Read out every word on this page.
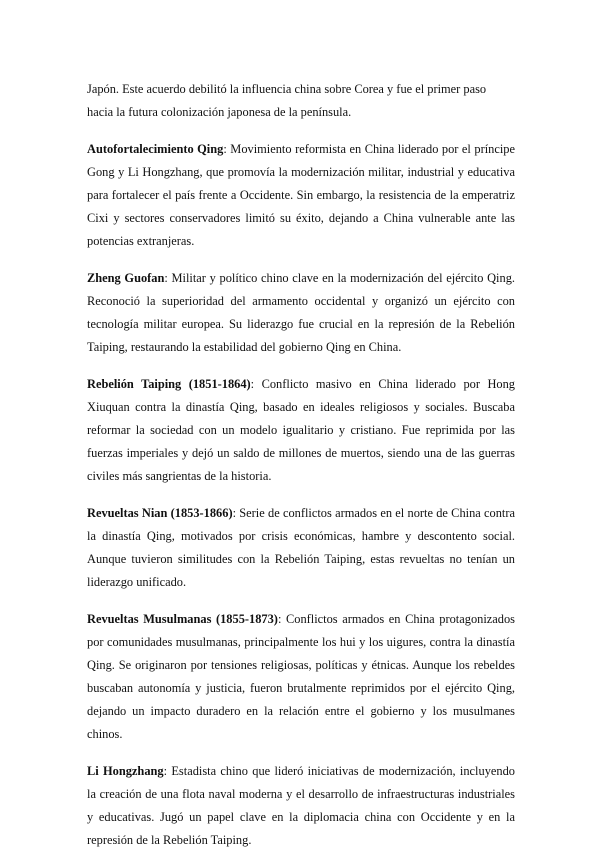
Japón. Este acuerdo debilitó la influencia china sobre Corea y fue el primer paso hacia la futura colonización japonesa de la península.

Autofortalecimiento Qing: Movimiento reformista en China liderado por el príncipe Gong y Li Hongzhang, que promovía la modernización militar, industrial y educativa para fortalecer el país frente a Occidente. Sin embargo, la resistencia de la emperatriz Cixi y sectores conservadores limitó su éxito, dejando a China vulnerable ante las potencias extranjeras.

Zheng Guofan: Militar y político chino clave en la modernización del ejército Qing. Reconoció la superioridad del armamento occidental y organizó un ejército con tecnología militar europea. Su liderazgo fue crucial en la represión de la Rebelión Taiping, restaurando la estabilidad del gobierno Qing en China.

Rebelión Taiping (1851-1864): Conflicto masivo en China liderado por Hong Xiuquan contra la dinastía Qing, basado en ideales religiosos y sociales. Buscaba reformar la sociedad con un modelo igualitario y cristiano. Fue reprimida por las fuerzas imperiales y dejó un saldo de millones de muertos, siendo una de las guerras civiles más sangrientas de la historia.

Revueltas Nian (1853-1866): Serie de conflictos armados en el norte de China contra la dinastía Qing, motivados por crisis económicas, hambre y descontento social. Aunque tuvieron similitudes con la Rebelión Taiping, estas revueltas no tenían un liderazgo unificado.

Revueltas Musulmanas (1855-1873): Conflictos armados en China protagonizados por comunidades musulmanas, principalmente los hui y los uigures, contra la dinastía Qing. Se originaron por tensiones religiosas, políticas y étnicas. Aunque los rebeldes buscaban autonomía y justicia, fueron brutalmente reprimidos por el ejército Qing, dejando un impacto duradero en la relación entre el gobierno y los musulmanes chinos.

Li Hongzhang: Estadista chino que lideró iniciativas de modernización, incluyendo la creación de una flota naval moderna y el desarrollo de infraestructuras industriales y educativas. Jugó un papel clave en la diplomacia china con Occidente y en la represión de la Rebelión Taiping.
